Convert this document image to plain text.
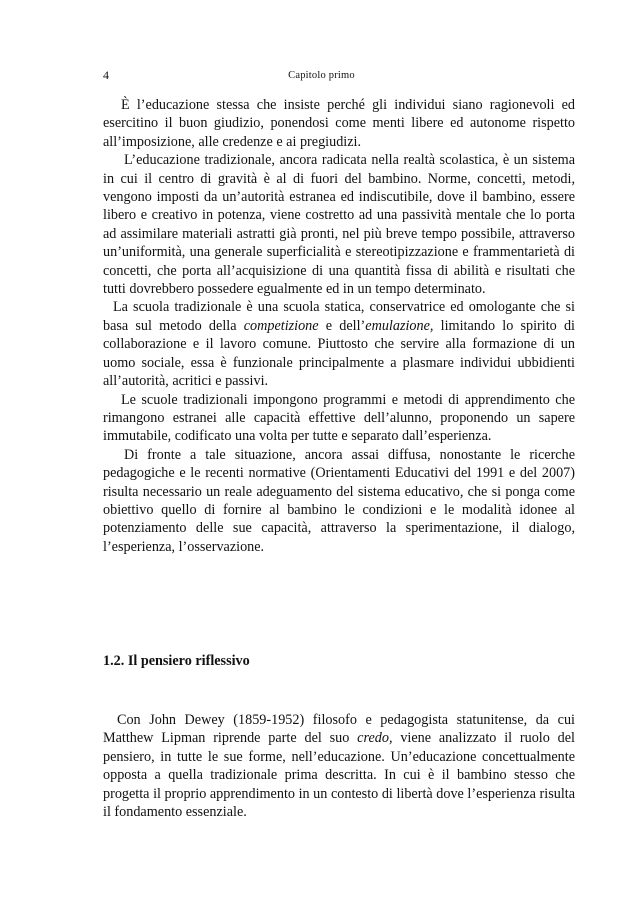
4	Capitolo primo

È l’educazione stessa che insiste perché gli individui siano ragionevoli ed esercitino il buon giudizio, ponendosi come menti libere ed autonome rispetto all’imposizione, alle credenze e ai pregiudizi.

L’educazione tradizionale, ancora radicata nella realtà scolastica, è un sistema in cui il centro di gravità è al di fuori del bambino. Norme, concetti, metodi, vengono imposti da un’autorità estranea ed indiscutibile, dove il bambino, essere libero e creativo in potenza, viene costretto ad una passività mentale che lo porta ad assimilare materiali astratti già pronti, nel più breve tempo possibile, attraverso un’uniformità, una generale superficialità e stereotipizzazione e frammentarietà di concetti, che porta all’acquisizione di una quantità fissa di abilità e risultati che tutti dovrebbero possedere egualmente ed in un tempo determinato.

La scuola tradizionale è una scuola statica, conservatrice ed omologante che si basa sul metodo della competizione e dell’emulazione, limitando lo spirito di collaborazione e il lavoro comune. Piuttosto che servire alla formazione di un uomo sociale, essa è funzionale principalmente a plasmare individui ubbidienti all’autorità, acritici e passivi.

Le scuole tradizionali impongono programmi e metodi di apprendimento che rimangono estranei alle capacità effettive dell’alunno, proponendo un sapere immutabile, codificato una volta per tutte e separato dall’esperienza.

Di fronte a tale situazione, ancora assai diffusa, nonostante le ricerche pedagogiche e le recenti normative (Orientamenti Educativi del 1991 e del 2007) risulta necessario un reale adeguamento del sistema educativo, che si ponga come obiettivo quello di fornire al bambino le condizioni e le modalità idonee al potenziamento delle sue capacità, attraverso la sperimentazione, il dialogo, l’esperienza, l’osservazione.

1.2. Il pensiero riflessivo

Con John Dewey (1859-1952) filosofo e pedagogista statunitense, da cui Matthew Lipman riprende parte del suo credo, viene analizzato il ruolo del pensiero, in tutte le sue forme, nell’educazione. Un’educazione concettualmente opposta a quella tradizionale prima descritta. In cui è il bambino stesso che progetta il proprio apprendimento in un contesto di libertà dove l’esperienza risulta il fondamento essenziale.
